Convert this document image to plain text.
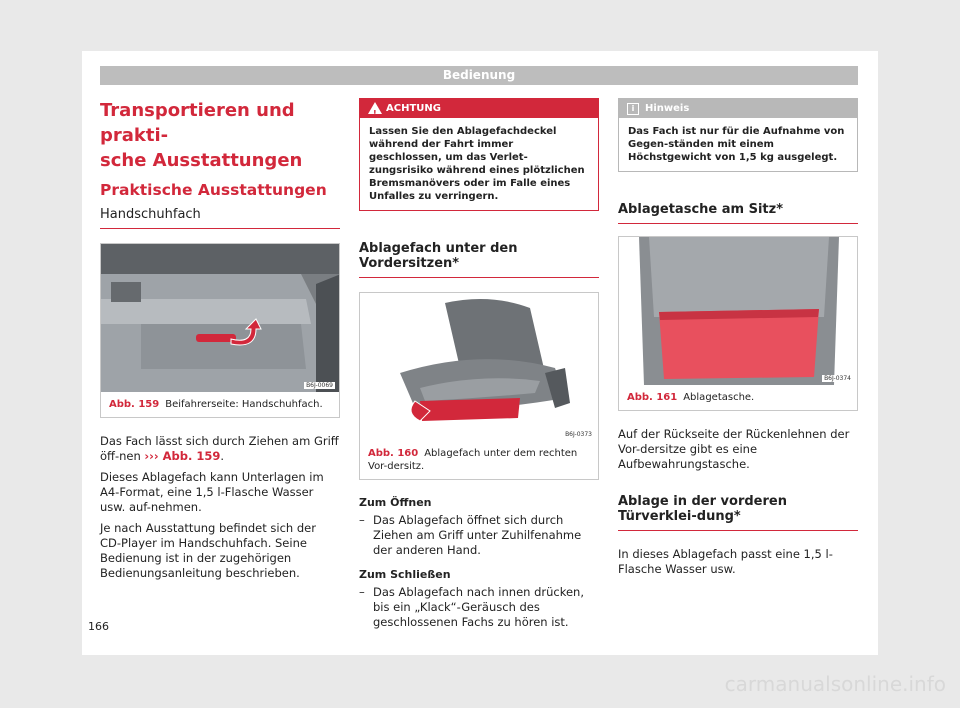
Bedienung
Transportieren und prakti-
sche Ausstattungen
Praktische Ausstattungen
Handschuhfach
B6J-0069
Abb. 159 Beifahrerseite: Handschuhfach.

Das Fach lässt sich durch Ziehen am Griff öff-nen ››› Abb. 159.

Dieses Ablagefach kann Unterlagen im A4-Format, eine 1,5 l-Flasche Wasser usw. auf-nehmen.

Je nach Ausstattung befindet sich der CD-Player im Handschuhfach. Seine Bedienung ist in der zugehörigen Bedienungsanleitung beschrieben.

!
ACHTUNG
Lassen Sie den Ablagefachdeckel während der Fahrt immer geschlossen, um das Verlet-zungsrisiko während eines plötzlichen Bremsmanövers oder im Falle eines Unfalles zu verringern.
Ablagefach unter den Vordersitzen*
B6J-0373
Abb. 160 Ablagefach unter dem rechten Vor-dersitz.
Zum Öffnen
– Das Ablagefach öffnet sich durch Ziehen am Griff unter Zuhilfenahme der anderen Hand.
Zum Schließen
– Das Ablagefach nach innen drücken, bis ein „Klack“-Geräusch des geschlossenen Fachs zu hören ist.
i	Hinweis
Das Fach ist nur für die Aufnahme von Gegen-ständen mit einem Höchstgewicht von 1,5 kg ausgelegt.
Ablagetasche am Sitz*
B6J-0374
Abb. 161 Ablagetasche.

Auf der Rückseite der Rückenlehnen der Vor-dersitze gibt es eine Aufbewahrungstasche.

Ablage in der vorderen Türverklei-dung*

In dieses Ablagefach passt eine 1,5 l-Flasche Wasser usw.

166
carmanualsonline.info
